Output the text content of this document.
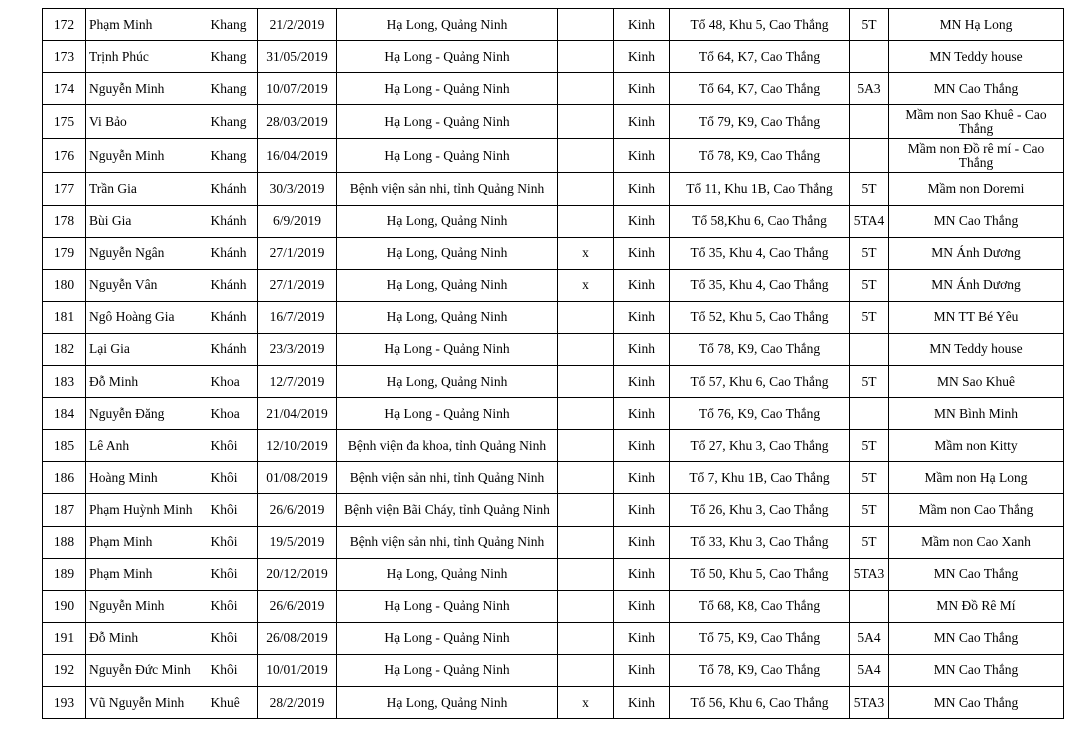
172	Phạm Minh	Khang	21/2/2019	Hạ Long, Quảng Ninh		Kinh	Tổ 48, Khu 5, Cao Thắng	5T	MN Hạ Long
173	Trịnh Phúc	Khang	31/05/2019	Hạ Long - Quảng Ninh		Kinh	Tổ 64, K7, Cao Thắng		MN Teddy house
174	Nguyễn Minh	Khang	10/07/2019	Hạ Long - Quảng Ninh		Kinh	Tổ 64, K7, Cao Thắng	5A3	MN Cao Thắng
175	Vi Bảo	Khang	28/03/2019	Hạ Long - Quảng Ninh		Kinh	Tổ 79, K9, Cao Thắng		Mầm non Sao Khuê - Cao Thắng
176	Nguyễn Minh	Khang	16/04/2019	Hạ Long - Quảng Ninh		Kinh	Tổ 78, K9, Cao Thắng		Mầm non Đồ rê mí - Cao Thắng
177	Trần Gia	Khánh	30/3/2019	Bệnh viện sản nhi, tỉnh Quảng Ninh		Kinh	Tổ 11, Khu 1B, Cao Thắng	5T	Mầm non Doremi
178	Bùi Gia	Khánh	6/9/2019	Hạ Long, Quảng Ninh		Kinh	Tổ 58,Khu 6, Cao Thắng	5TA4	MN Cao Thắng
179	Nguyễn Ngân	Khánh	27/1/2019	Hạ Long, Quảng Ninh	x	Kinh	Tổ 35, Khu 4, Cao Thắng	5T	MN Ánh Dương
180	Nguyễn Vân	Khánh	27/1/2019	Hạ Long, Quảng Ninh	x	Kinh	Tổ 35, Khu 4, Cao Thắng	5T	MN Ánh Dương
181	Ngô Hoàng Gia	Khánh	16/7/2019	Hạ Long, Quảng Ninh		Kinh	Tổ 52, Khu 5, Cao Thắng	5T	MN TT Bé Yêu
182	Lại Gia	Khánh	23/3/2019	Hạ Long - Quảng Ninh		Kinh	Tổ 78, K9, Cao Thắng		MN Teddy house
183	Đỗ Minh	Khoa	12/7/2019	Hạ Long, Quảng Ninh		Kinh	Tổ 57, Khu 6, Cao Thắng	5T	MN Sao Khuê
184	Nguyễn Đăng	Khoa	21/04/2019	Hạ Long - Quảng Ninh		Kinh	Tổ 76, K9, Cao Thắng		MN Bình Minh
185	Lê Anh	Khôi	12/10/2019	Bệnh viện đa khoa, tỉnh Quảng Ninh		Kinh	Tổ 27, Khu 3, Cao Thắng	5T	Mầm non Kitty
186	Hoàng Minh	Khôi	01/08/2019	Bệnh viện sản nhi, tỉnh Quảng Ninh		Kinh	Tổ 7, Khu 1B, Cao Thắng	5T	Mầm non Hạ Long
187	Phạm Huỳnh Minh	Khôi	26/6/2019	Bệnh viện Bãi Cháy, tỉnh Quảng Ninh		Kinh	Tổ 26, Khu 3, Cao Thắng	5T	Mầm non Cao Thắng
188	Phạm Minh	Khôi	19/5/2019	Bệnh viện sản nhi, tỉnh Quảng Ninh		Kinh	Tổ 33, Khu 3, Cao Thắng	5T	Mầm non Cao Xanh
189	Phạm Minh	Khôi	20/12/2019	Hạ Long, Quảng Ninh		Kinh	Tổ 50, Khu 5, Cao Thắng	5TA3	MN Cao Thắng
190	Nguyễn Minh	Khôi	26/6/2019	Hạ Long - Quảng Ninh		Kinh	Tổ 68, K8, Cao Thắng		MN Đồ Rê Mí
191	Đỗ Minh	Khôi	26/08/2019	Hạ Long - Quảng Ninh		Kinh	Tổ 75, K9, Cao Thắng	5A4	MN Cao Thắng
192	Nguyễn Đức Minh	Khôi	10/01/2019	Hạ Long - Quảng Ninh		Kinh	Tổ 78, K9, Cao Thắng	5A4	MN Cao Thắng
193	Vũ Nguyễn Minh	Khuê	28/2/2019	Hạ Long, Quảng Ninh	x	Kinh	Tổ 56, Khu 6, Cao Thắng	5TA3	MN Cao Thắng
